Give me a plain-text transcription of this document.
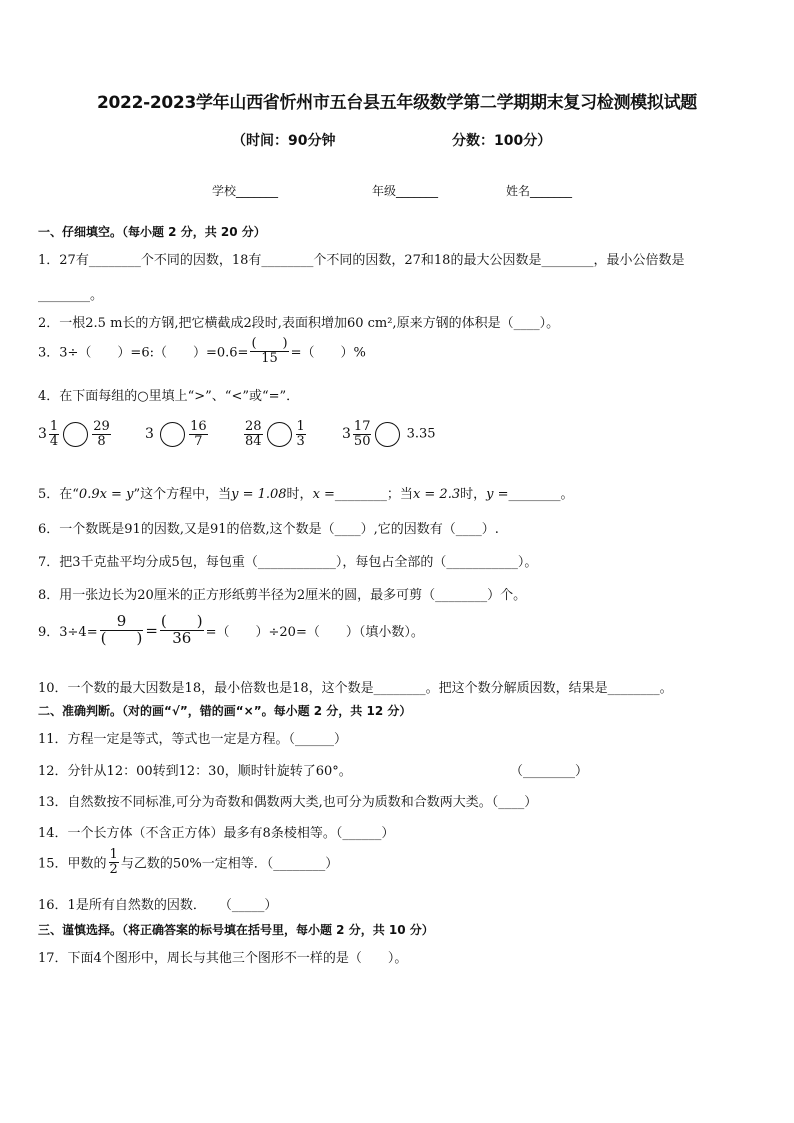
2022-2023学年山西省忻州市五台县五年级数学第二学期期末复习检测模拟试题
（时间：90分钟	分数：100分）
学校_______	年级_______	姓名_______
一、仔细填空。（每小题 2 分，共 20 分）
1．27有________个不同的因数，18有________个不同的因数，27和18的最大公因数是________，最小公倍数是
________。
2．一根2.5 m长的方钢,把它横截成2段时,表面积增加60 cm²,原来方钢的体积是（____）。
3．3÷（　　）=6:（　　）$=0.6= \frac{( )}{15}$ =（　　）%
4．在下面每组的○里填上“>”、“<”或“=”．
$3 \frac{1}{4}$	$\frac{29}{8} 3$	$\frac{16}{7}$	$\frac{28}{84}$	$\frac{1}{3}$	$3 \frac{17}{50}$	3.35
5．在“0.9x = y”这个方程中，当y = 1.08时，x =________；当x = 2.3时，y =________。
6．一个数既是91的因数,又是91的倍数,这个数是（____）,它的因数有（____）.
7．把3千克盐平均分成5包，每包重（____________），每包占全部的（___________）。
8．用一张边长为20厘米的正方形纸剪半径为2厘米的圆，最多可剪（________）个。
9．$3\div 4= \frac{9}{( )} = \frac{( )}{36}$ =（　　）÷20=（　　）（填小数）。
10．一个数的最大因数是18，最小倍数也是18，这个数是________。把这个数分解质因数，结果是________。
二、准确判断。（对的画“√”，错的画“×”。每小题 2 分，共 12 分）
11．方程一定是等式，等式也一定是方程。（______）
12．分针从12：00转到12：30，顺时针旋转了60°。	（________）
13．自然数按不同标准,可分为奇数和偶数两大类,也可分为质数和合数两大类。（____）
14．一个长方体（不含正方体）最多有8条棱相等。（______）
15．甲数的 $\frac{1}{2}$ 与乙数的50%一定相等．（________）
16．1是所有自然数的因数．　　（_____）
三、谨慎选择。（将正确答案的标号填在括号里，每小题 2 分，共 10 分）
17．下面4个图形中，周长与其他三个图形不一样的是（　　）。
